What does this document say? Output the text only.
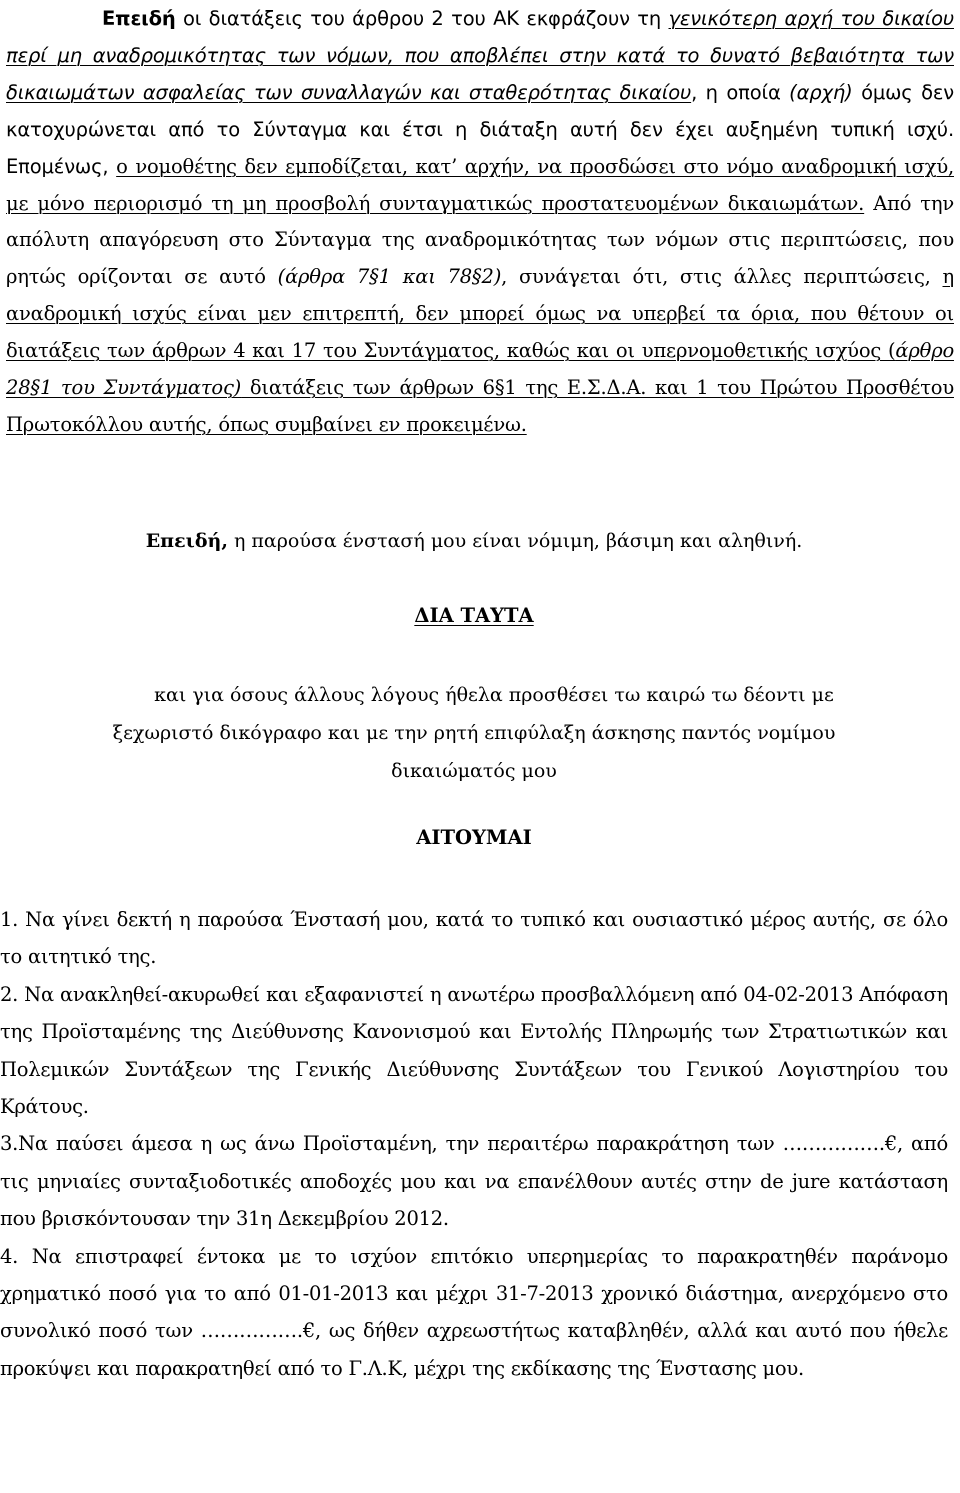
Επειδή οι διατάξεις του άρθρου 2 του ΑΚ εκφράζουν τη γενικότερη αρχή του δικαίου περί μη αναδρομικότητας των νόμων, που αποβλέπει στην κατά το δυνατό βεβαιότητα των δικαιωμάτων ασφαλείας των συναλλαγών και σταθερότητας δικαίου, η οποία (αρχή) όμως δεν κατοχυρώνεται από το Σύνταγμα και έτσι η διάταξη αυτή δεν έχει αυξημένη τυπική ισχύ. Επομένως, ο νομοθέτης δεν εμποδίζεται, κατ’ αρχήν, να προσδώσει στο νόμο αναδρομική ισχύ, με μόνο περιορισμό τη μη προσβολή συνταγματικώς προστατευομένων δικαιωμάτων. Από την απόλυτη απαγόρευση στο Σύνταγμα της αναδρομικότητας των νόμων στις περιπτώσεις, που ρητώς ορίζονται σε αυτό (άρθρα 7§1 και 78§2), συνάγεται ότι, στις άλλες περιπτώσεις, η αναδρομική ισχύς είναι μεν επιτρεπτή, δεν μπορεί όμως να υπερβεί τα όρια, που θέτουν οι διατάξεις των άρθρων 4 και 17 του Συντάγματος, καθώς και οι υπερνομοθετικής ισχύος (άρθρο 28§1 του Συντάγματος) διατάξεις των άρθρων 6§1 της Ε.Σ.Δ.Α. και 1 του Πρώτου Προσθέτου Πρωτοκόλλου αυτής, όπως συμβαίνει εν προκειμένω.

Επειδή, η παρούσα ένστασή μου είναι νόμιμη, βάσιμη και αληθινή.
ΔΙΑ ΤΑΥΤΑ
και για όσους άλλους λόγους ήθελα προσθέσει τω καιρώ τω δέοντι με
ξεχωριστό δικόγραφο και με την ρητή επιφύλαξη άσκησης παντός νομίμου
δικαιώματός μου
ΑΙΤΟΥΜΑΙ

1. Να γίνει δεκτή η παρούσα Ένστασή μου, κατά το τυπικό και ουσιαστικό μέρος αυτής, σε όλο το αιτητικό της.

2. Να ανακληθεί-ακυρωθεί και εξαφανιστεί η ανωτέρω προσβαλλόμενη από 04-02-2013 Απόφαση της Προϊσταμένης της Διεύθυνσης Κανονισμού και Εντολής Πληρωμής των Στρατιωτικών και Πολεμικών Συντάξεων της Γενικής Διεύθυνσης Συντάξεων του Γενικού Λογιστηρίου του Κράτους.

3.Να παύσει άμεσα η ως άνω Προϊσταμένη, την περαιτέρω παρακράτηση των …………….€, από τις μηνιαίες συνταξιοδοτικές αποδοχές μου και να επανέλθουν αυτές στην de jure κατάσταση που βρισκόντουσαν την 31η Δεκεμβρίου 2012.

4. Να επιστραφεί έντοκα με το ισχύον επιτόκιο υπερημερίας το παρακρατηθέν παράνομο χρηματικό ποσό για το από 01-01-2013 και μέχρι 31-7-2013 χρονικό διάστημα, ανερχόμενο στο συνολικό ποσό των …………….€, ως δήθεν αχρεωστήτως καταβληθέν, αλλά και αυτό που ήθελε προκύψει και παρακρατηθεί από το Γ.Λ.Κ, μέχρι της εκδίκασης της Ένστασης μου.
